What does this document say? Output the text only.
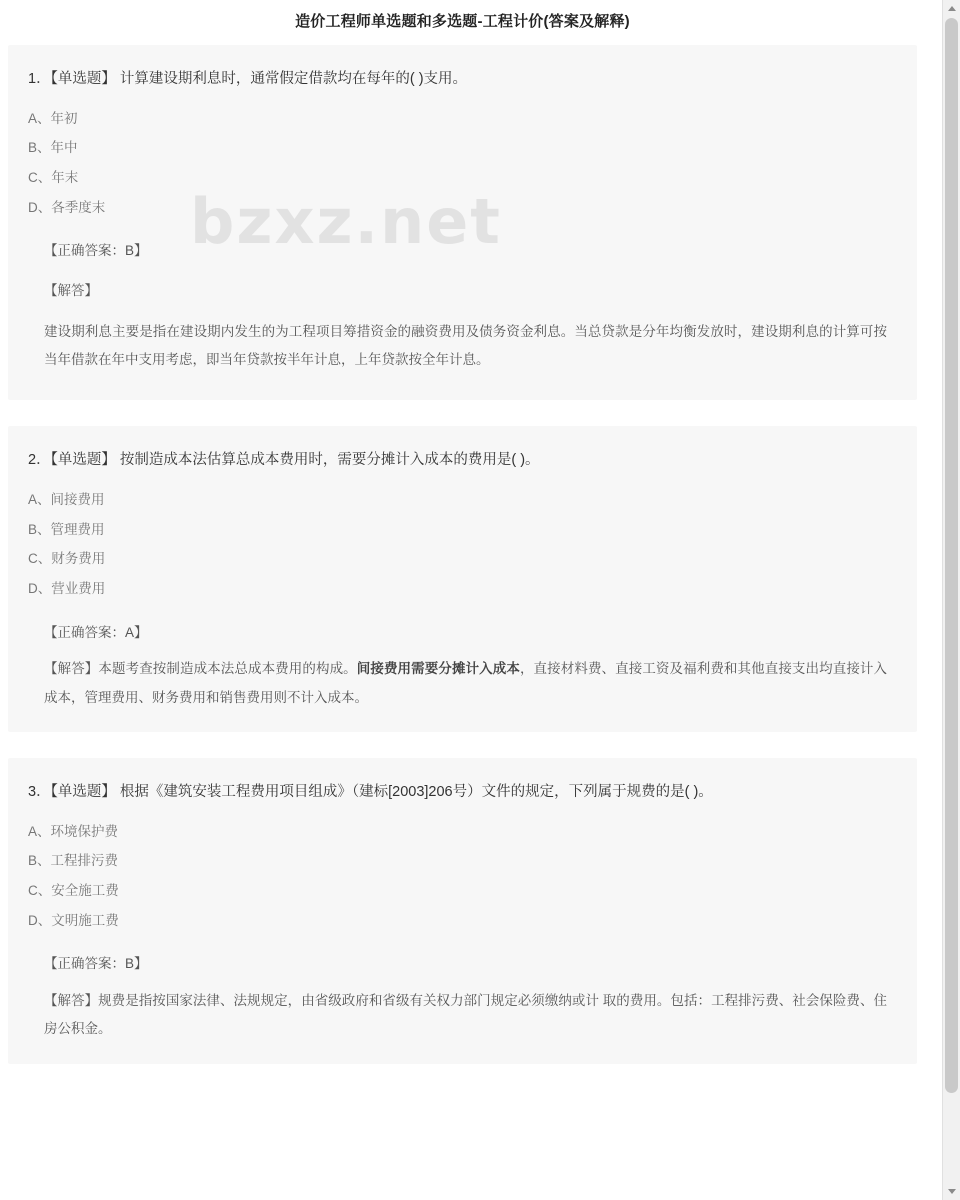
造价工程师单选题和多选题-工程计价(答案及解释)
bzxz.net
1．【单选题】 计算建设期利息时，通常假定借款均在每年的( )支用。
A、年初
B、年中
C、年末
D、各季度末
【正确答案：B】
【解答】
建设期利息主要是指在建设期内发生的为工程项目筹措资金的融资费用及债务资金利息。当总贷款是分年均衡发放时，建设期利息的计算可按当年借款在年中支用考虑，即当年贷款按半年计息，上年贷款按全年计息。
2．【单选题】 按制造成本法估算总成本费用时，需要分摊计入成本的费用是( )。
A、间接费用
B、管理费用
C、财务费用
D、营业费用
【正确答案：A】
【解答】本题考查按制造成本法总成本费用的构成。间接费用需要分摊计入成本，直接材料费、直接工资及福利费和其他直接支出均直接计入成本，管理费用、财务费用和销售费用则不计入成本。
3．【单选题】 根据《建筑安装工程费用项目组成》（建标[2003]206号）文件的规定，下列属于规费的是( )。
A、环境保护费
B、工程排污费
C、安全施工费
D、文明施工费
【正确答案：B】
【解答】规费是指按国家法律、法规规定，由省级政府和省级有关权力部门规定必须缴纳或计 取的费用。包括：工程排污费、社会保险费、住房公积金。
